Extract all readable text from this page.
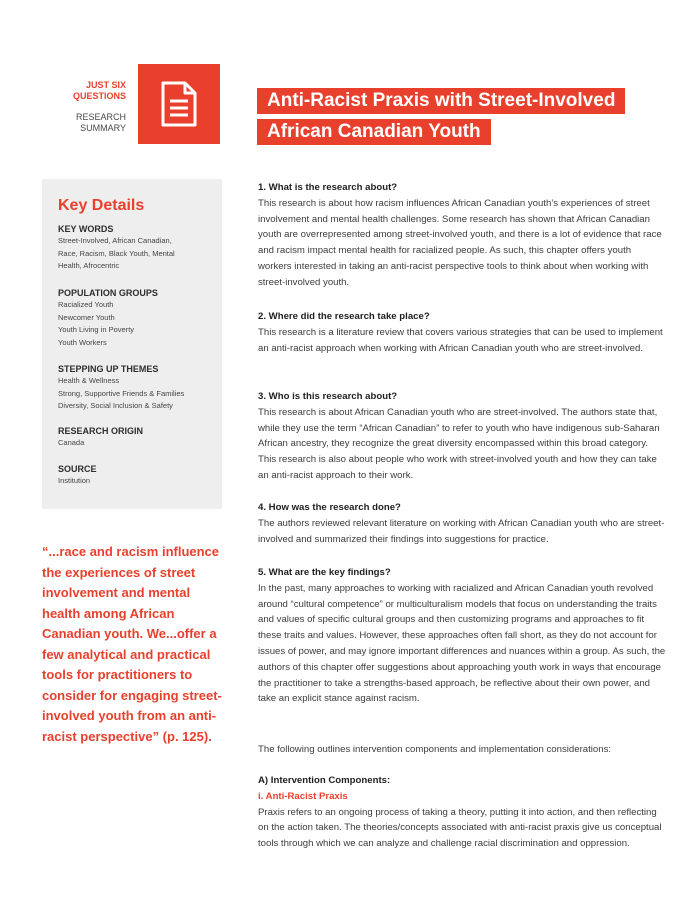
JUST SIX
QUESTIONS
RESEARCH
SUMMARY
Anti-Racist Praxis with Street-Involved
African Canadian Youth
Key Details
KEY WORDS
Street-Involved, African Canadian,
Race, Racism, Black Youth, Mental
Health, Afrocentric
POPULATION GROUPS
Racialized Youth
Newcomer Youth
Youth Living in Poverty
Youth Workers
STEPPING UP THEMES
Health & Wellness
Strong, Supportive Friends & Families
Diversity, Social Inclusion & Safety
RESEARCH ORIGIN
Canada
SOURCE
Institution
“...race and racism influence the experiences of street involvement and mental health among African Canadian youth. We...offer a few analytical and practical tools for practitioners to consider for engaging street-involved youth from an anti-racist perspective” (p. 125).

1. What is the research about?

This research is about how racism influences African Canadian youth’s experiences of street involvement and mental health challenges. Some research has shown that African Canadian youth are overrepresented among street-involved youth, and there is a lot of evidence that race and racism impact mental health for racialized people. As such, this chapter offers youth workers interested in taking an anti-racist perspective tools to think about when working with street-involved youth.

2. Where did the research take place?

This research is a literature review that covers various strategies that can be used to implement an anti-racist approach when working with African Canadian youth who are street-involved.

3. Who is this research about?

This research is about African Canadian youth who are street-involved. The authors state that, while they use the term “African Canadian” to refer to youth who have indigenous sub-Saharan African ancestry, they recognize the great diversity encompassed within this broad category. This research is also about people who work with street-involved youth and how they can take an anti-racist approach to their work.

4. How was the research done?

The authors reviewed relevant literature on working with African Canadian youth who are street-involved and summarized their findings into suggestions for practice.

5. What are the key findings?

In the past, many approaches to working with racialized and African Canadian youth revolved around “cultural competence” or multiculturalism models that focus on understanding the traits and values of specific cultural groups and then customizing programs and approaches to fit these traits and values. However, these approaches often fall short, as they do not account for issues of power, and may ignore important differences and nuances within a group. As such, the authors of this chapter offer suggestions about approaching youth work in ways that encourage the practitioner to take a strengths-based approach, be reflective about their own power, and take an explicit stance against racism.

The following outlines intervention components and implementation considerations:

A) Intervention Components:

i. Anti-Racist Praxis

Praxis refers to an ongoing process of taking a theory, putting it into action, and then reflecting on the action taken. The theories/concepts associated with anti-racist praxis give us conceptual tools through which we can analyze and challenge racial discrimination and oppression.
